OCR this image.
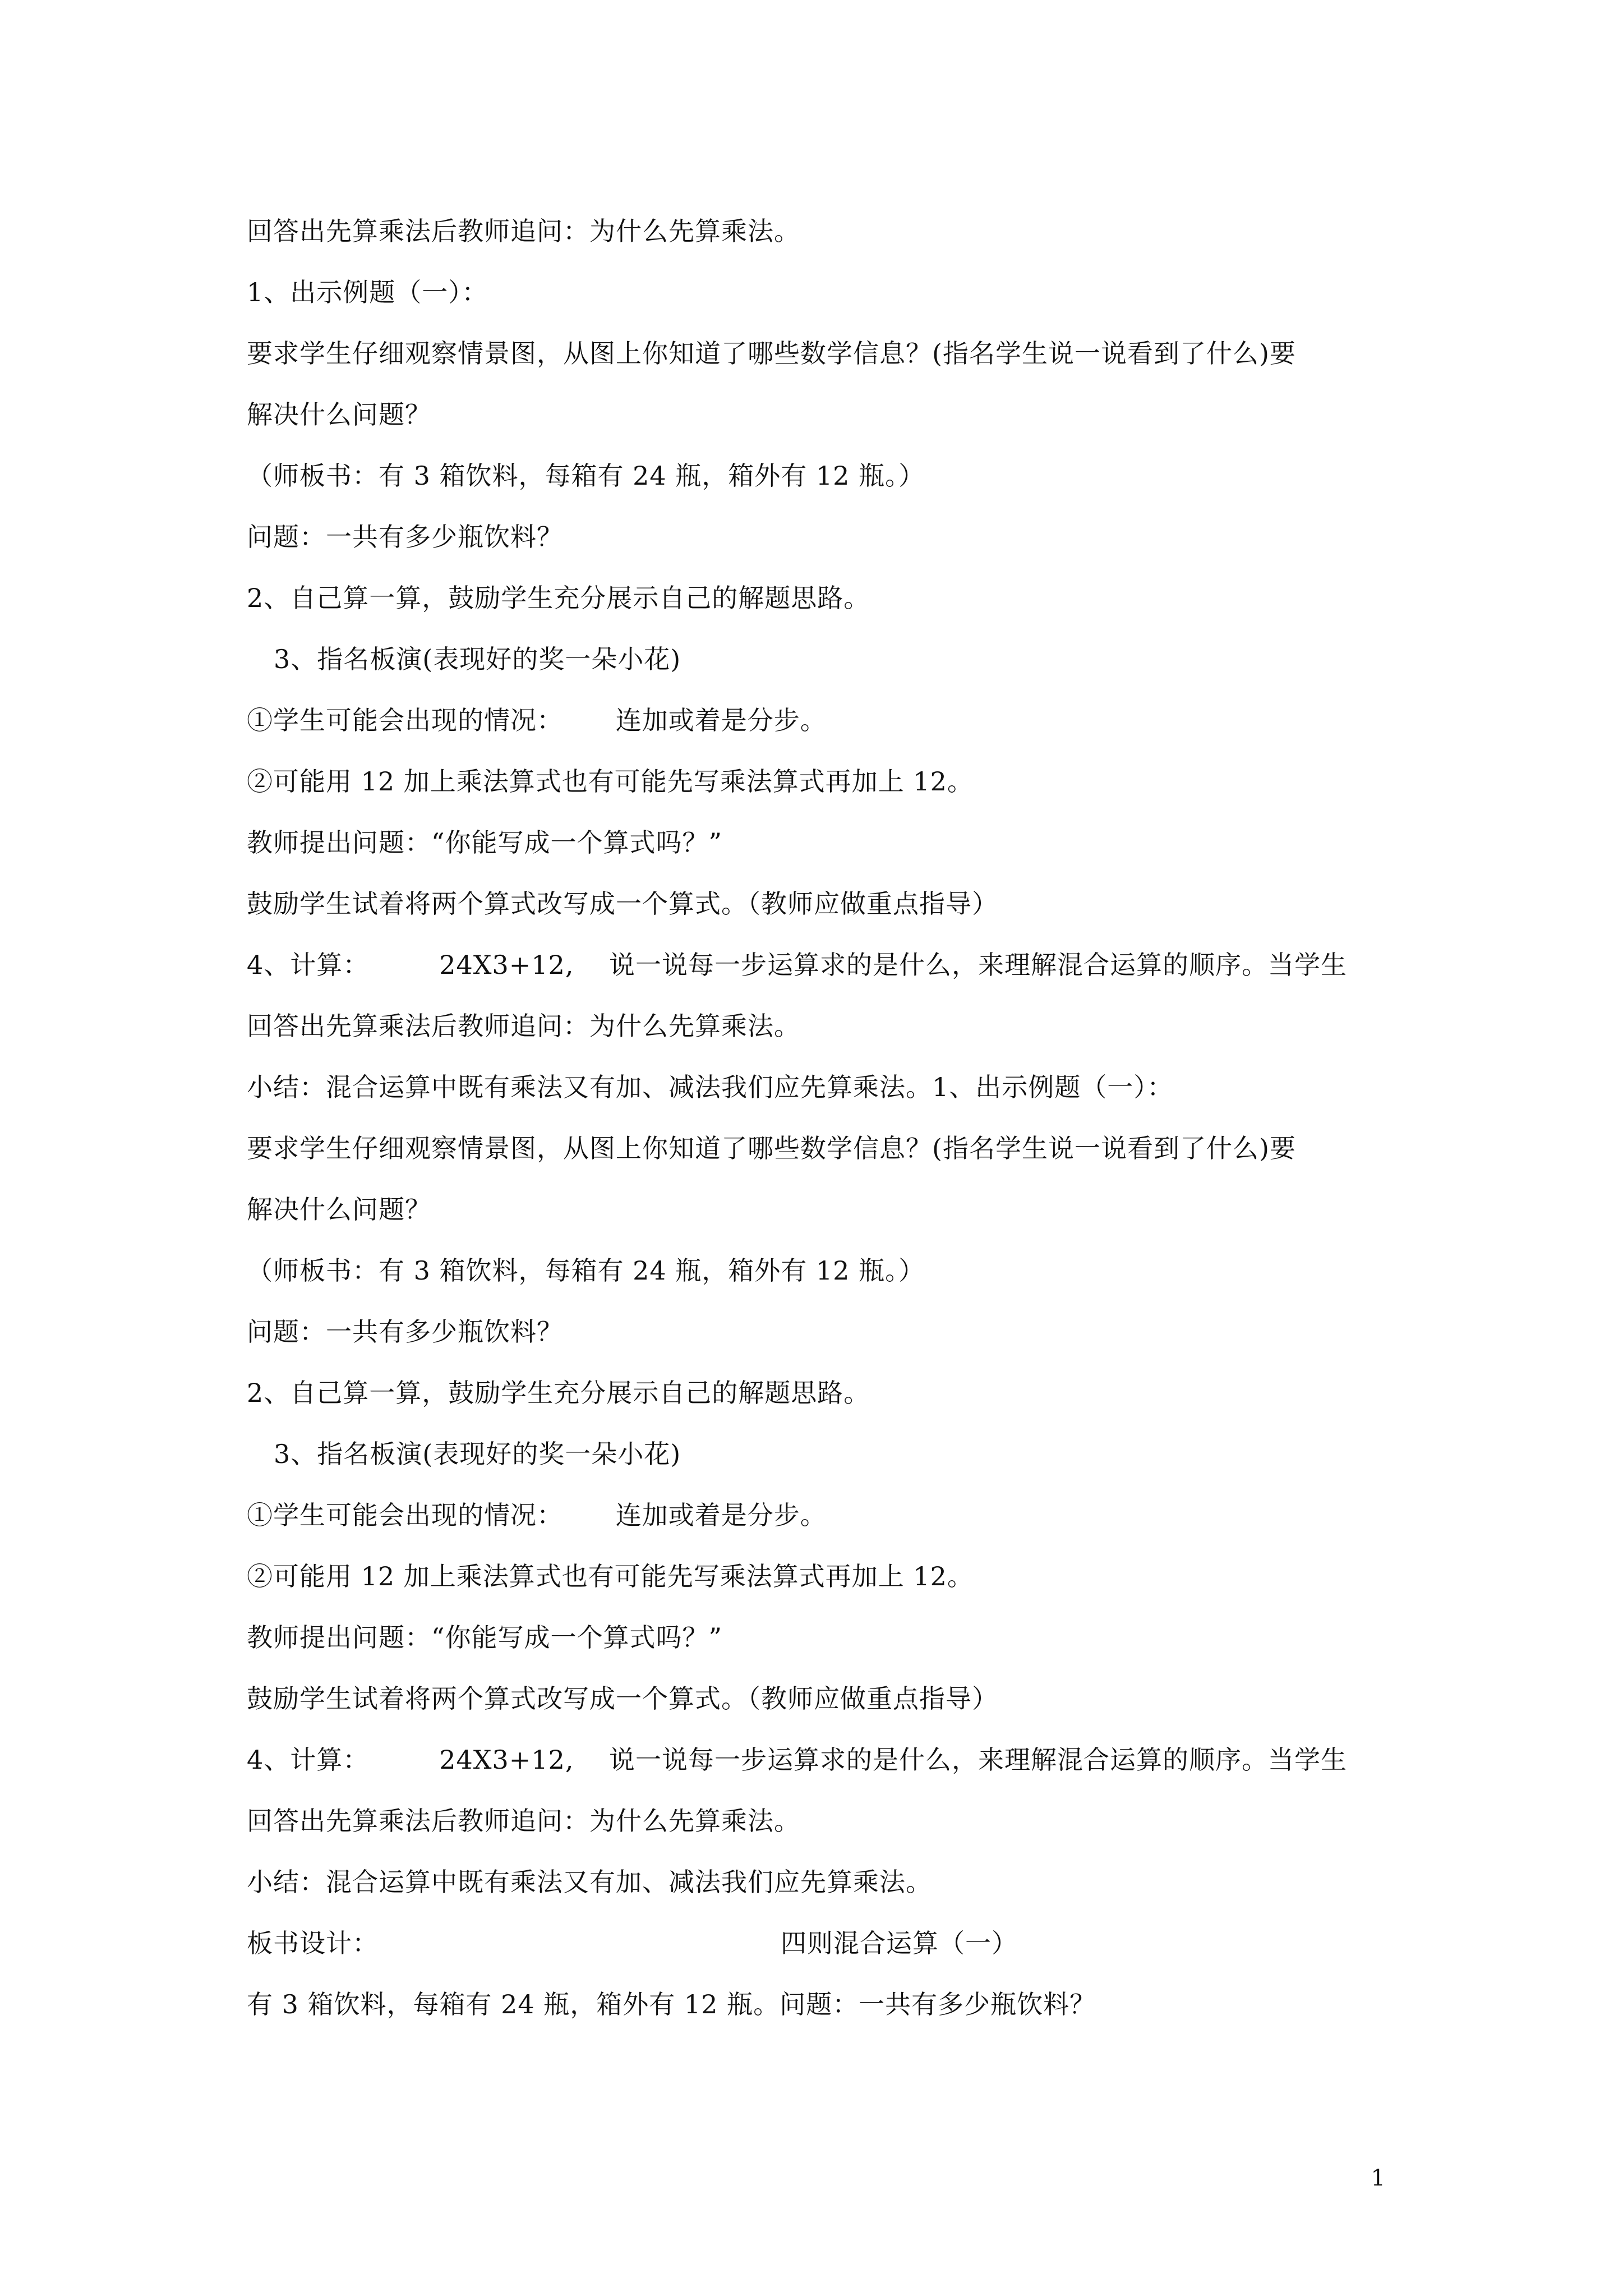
回答出先算乘法后教师追问：为什么先算乘法。
1、出示例题（一）：
要求学生仔细观察情景图，从图上你知道了哪些数学信息？(指名学生说一说看到了什么)要
解决什么问题？
（师板书：有 3 箱饮料，每箱有 24 瓶，箱外有 12 瓶。）
问题：一共有多少瓶饮料？
2、自己算一算，鼓励学生充分展示自己的解题思路。
3、指名板演(表现好的奖一朵小花)
①学生可能会出现的情况：      连加或着是分步。
②可能用 12 加上乘法算式也有可能先写乘法算式再加上 12。
教师提出问题：“你能写成一个算式吗？”
鼓励学生试着将两个算式改写成一个算式。（教师应做重点指导）
4、计算：        24X3+12,    说一说每一步运算求的是什么，来理解混合运算的顺序。当学生
回答出先算乘法后教师追问：为什么先算乘法。
小结：混合运算中既有乘法又有加、减法我们应先算乘法。1、出示例题（一）：
要求学生仔细观察情景图，从图上你知道了哪些数学信息？(指名学生说一说看到了什么)要
解决什么问题？
（师板书：有 3 箱饮料，每箱有 24 瓶，箱外有 12 瓶。）
问题：一共有多少瓶饮料？
2、自己算一算，鼓励学生充分展示自己的解题思路。
3、指名板演(表现好的奖一朵小花)
①学生可能会出现的情况：      连加或着是分步。
②可能用 12 加上乘法算式也有可能先写乘法算式再加上 12。
教师提出问题：“你能写成一个算式吗？”
鼓励学生试着将两个算式改写成一个算式。（教师应做重点指导）
4、计算：        24X3+12,    说一说每一步运算求的是什么，来理解混合运算的顺序。当学生
回答出先算乘法后教师追问：为什么先算乘法。
小结：混合运算中既有乘法又有加、减法我们应先算乘法。
板书设计：	四则混合运算（一）
有 3 箱饮料，每箱有 24 瓶，箱外有 12 瓶。问题：一共有多少瓶饮料？
1
